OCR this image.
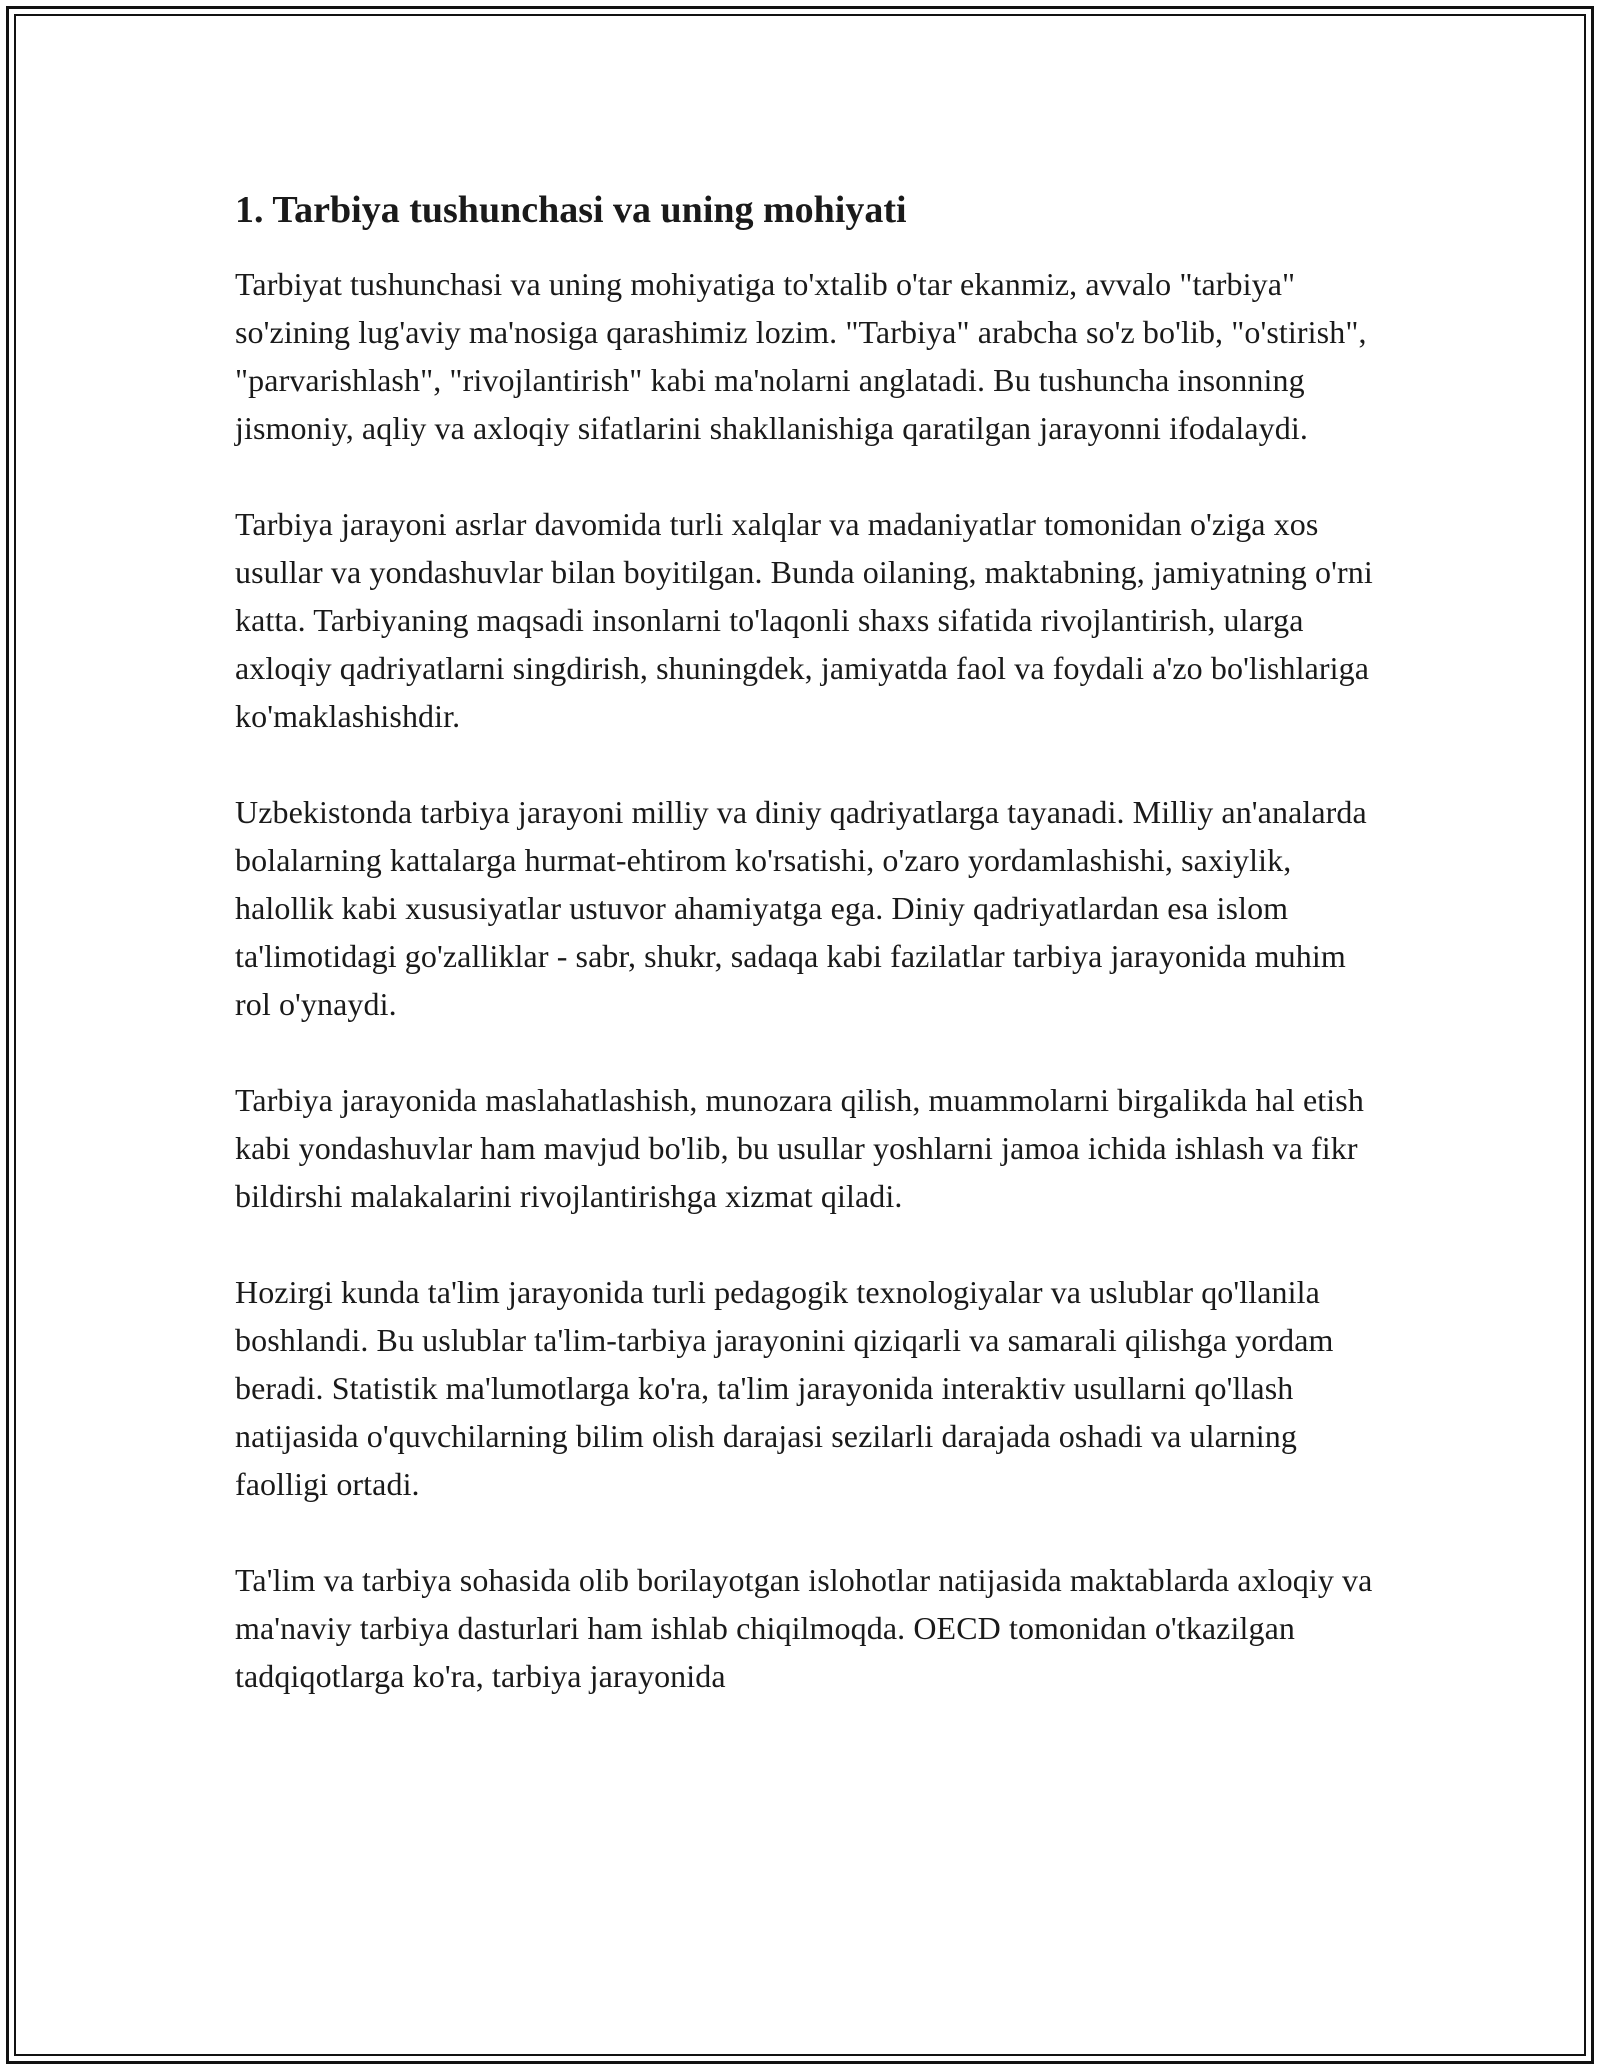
1. Tarbiya tushunchasi va uning mohiyati

Tarbiyat tushunchasi va uning mohiyatiga to'xtalib o'tar ekanmiz, avvalo "tarbiya" so'zining lug'aviy ma'nosiga qarashimiz lozim. "Tarbiya" arabcha so'z bo'lib, "o'stirish", "parvarishlash", "rivojlantirish" kabi ma'nolarni anglatadi. Bu tushuncha insonning jismoniy, aqliy va axloqiy sifatlarini shakllanishiga qaratilgan jarayonni ifodalaydi.

Tarbiya jarayoni asrlar davomida turli xalqlar va madaniyatlar tomonidan o'ziga xos usullar va yondashuvlar bilan boyitilgan. Bunda oilaning, maktabning, jamiyatning o'rni katta. Tarbiyaning maqsadi insonlarni to'laqonli shaxs sifatida rivojlantirish, ularga axloqiy qadriyatlarni singdirish, shuningdek, jamiyatda faol va foydali a'zo bo'lishlariga ko'maklashishdir.

Uzbekistonda tarbiya jarayoni milliy va diniy qadriyatlarga tayanadi. Milliy an'analarda bolalarning kattalarga hurmat-ehtirom ko'rsatishi, o'zaro yordamlashishi, saxiylik, halollik kabi xususiyatlar ustuvor ahamiyatga ega. Diniy qadriyatlardan esa islom ta'limotidagi go'zalliklar - sabr, shukr, sadaqa kabi fazilatlar tarbiya jarayonida muhim rol o'ynaydi.

Tarbiya jarayonida maslahatlashish, munozara qilish, muammolarni birgalikda hal etish kabi yondashuvlar ham mavjud bo'lib, bu usullar yoshlarni jamoa ichida ishlash va fikr bildirshi malakalarini rivojlantirishga xizmat qiladi.

Hozirgi kunda ta'lim jarayonida turli pedagogik texnologiyalar va uslublar qo'llanila boshlandi. Bu uslublar ta'lim-tarbiya jarayonini qiziqarli va samarali qilishga yordam beradi. Statistik ma'lumotlarga ko'ra, ta'lim jarayonida interaktiv usullarni qo'llash natijasida o'quvchilarning bilim olish darajasi sezilarli darajada oshadi va ularning faolligi ortadi.

Ta'lim va tarbiya sohasida olib borilayotgan islohotlar natijasida maktablarda axloqiy va ma'naviy tarbiya dasturlari ham ishlab chiqilmoqda. OECD tomonidan o'tkazilgan tadqiqotlarga ko'ra, tarbiya jarayonida
